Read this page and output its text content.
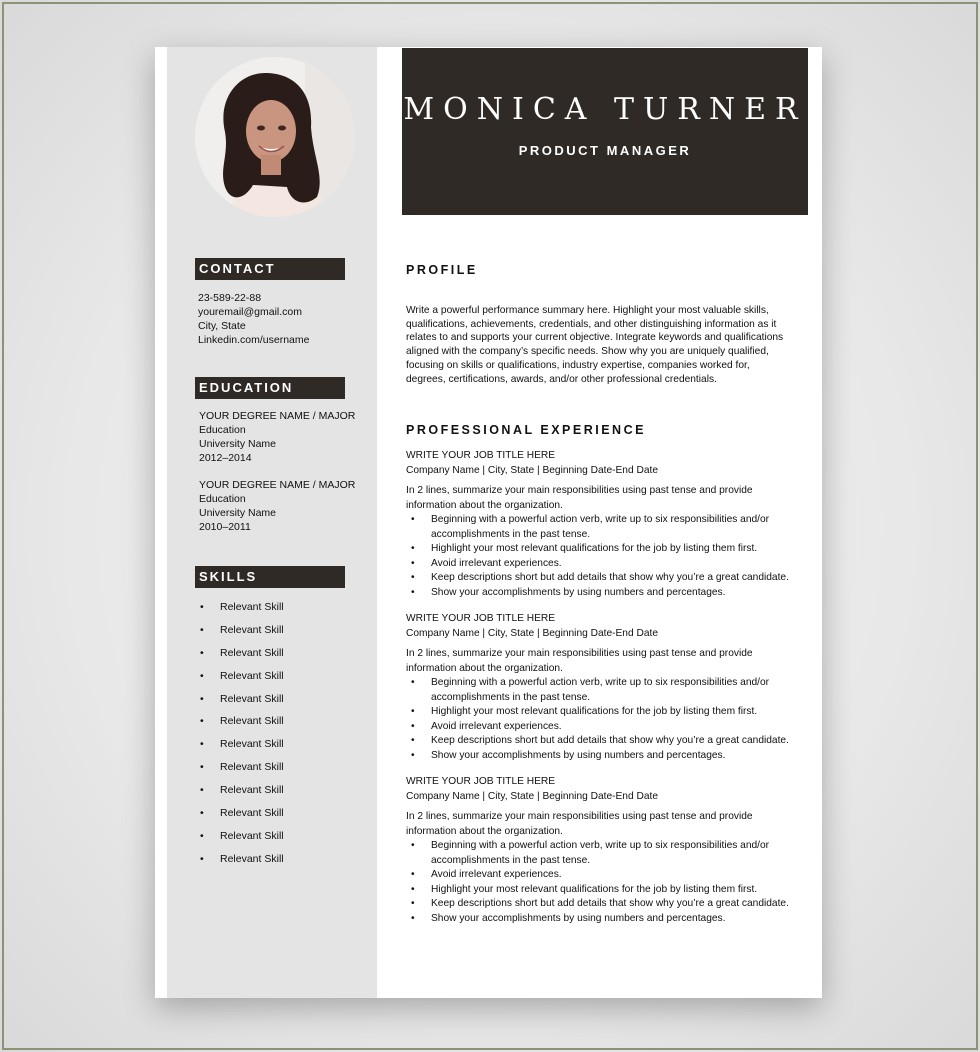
MONICA TURNER
PRODUCT MANAGER
CONTACT
23-589-22-88
youremail@gmail.com
City, State
Linkedin.com/username
EDUCATION
YOUR DEGREE NAME / MAJOR
Education
University Name
2012–2014
YOUR DEGREE NAME / MAJOR
Education
University Name
2010–2011
SKILLS
• Relevant Skill
• Relevant Skill
• Relevant Skill
• Relevant Skill
• Relevant Skill
• Relevant Skill
• Relevant Skill
• Relevant Skill
• Relevant Skill
• Relevant Skill
• Relevant Skill
• Relevant Skill
PROFILE
Write a powerful performance summary here. Highlight your most valuable skills,
qualifications, achievements, credentials, and other distinguishing information as it
relates to and supports your current objective. Integrate keywords and qualifications
aligned with the company’s specific needs. Show why you are uniquely qualified,
focusing on skills or qualifications, industry expertise, companies worked for,
degrees, certifications, awards, and/or other professional credentials.
PROFESSIONAL EXPERIENCE
WRITE YOUR JOB TITLE HERE
Company Name | City, State | Beginning Date-End Date
In 2 lines, summarize your main responsibilities using past tense and provide
information about the organization.
• Beginning with a powerful action verb, write up to six responsibilities and/or
accomplishments in the past tense.
• Highlight your most relevant qualifications for the job by listing them first.
• Avoid irrelevant experiences.
• Keep descriptions short but add details that show why you’re a great candidate.
• Show your accomplishments by using numbers and percentages.
WRITE YOUR JOB TITLE HERE
Company Name | City, State | Beginning Date-End Date
In 2 lines, summarize your main responsibilities using past tense and provide
information about the organization.
• Beginning with a powerful action verb, write up to six responsibilities and/or
accomplishments in the past tense.
• Highlight your most relevant qualifications for the job by listing them first.
• Avoid irrelevant experiences.
• Keep descriptions short but add details that show why you’re a great candidate.
• Show your accomplishments by using numbers and percentages.
WRITE YOUR JOB TITLE HERE
Company Name | City, State | Beginning Date-End Date
In 2 lines, summarize your main responsibilities using past tense and provide
information about the organization.
• Beginning with a powerful action verb, write up to six responsibilities and/or
accomplishments in the past tense.
• Avoid irrelevant experiences.
• Highlight your most relevant qualifications for the job by listing them first.
• Keep descriptions short but add details that show why you’re a great candidate.
• Show your accomplishments by using numbers and percentages.
